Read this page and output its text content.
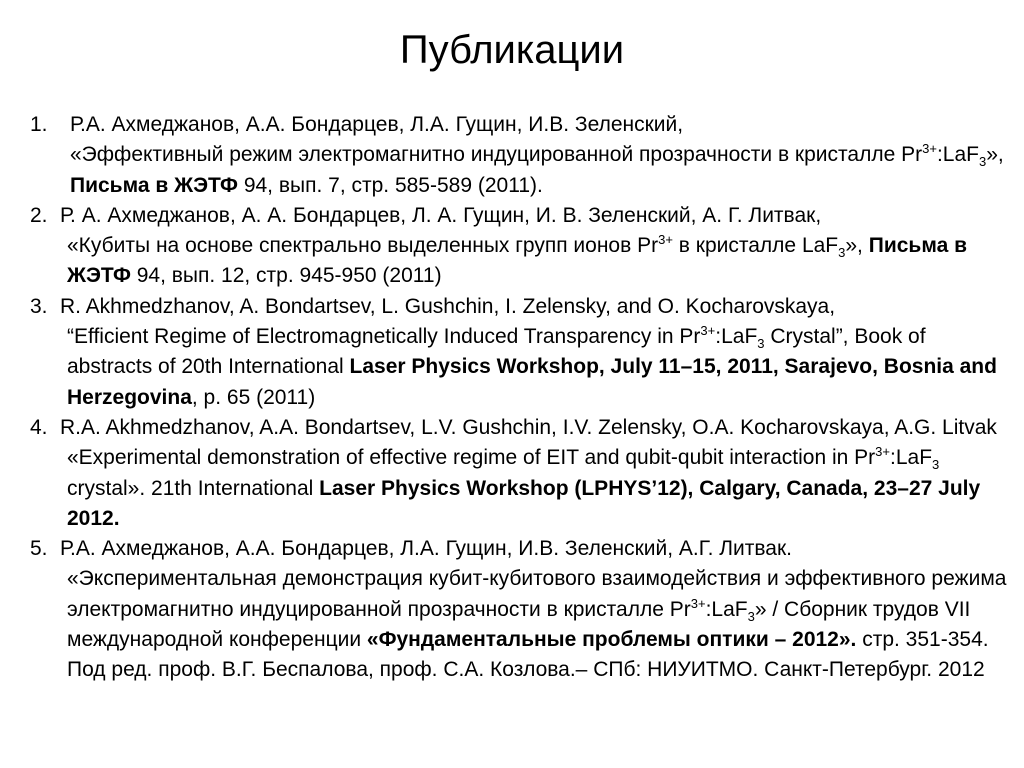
Публикации
1. Р.А. Ахмеджанов, А.А. Бондарцев, Л.А. Гущин, И.В. Зеленский,
«Эффективный режим электромагнитно индуцированной прозрачности в кристалле $Pr^{3+}:LaF_3$», Письма в ЖЭТФ 94, вып. 7, стр. 585-589 (2011).
2. Р. А. Ахмеджанов, А. А. Бондарцев, Л. А. Гущин, И. В. Зеленский, А. Г. Литвак,
«Кубиты на основе спектрально выделенных групп ионов $Pr^{3+}$ в кристалле LaF$_3$», Письма в ЖЭТФ 94, вып. 12, стр. 945-950 (2011)
3. R. Akhmedzhanov, A. Bondartsev, L. Gushchin, I. Zelensky, and O. Kocharovskaya,
“Efficient Regime of Electromagnetically Induced Transparency in $Pr^{3+}:LaF_3$ Crystal”, Book of abstracts of 20th International Laser Physics Workshop, July 11–15, 2011, Sarajevo, Bosnia and Herzegovina, p. 65 (2011)
4. R.A. Akhmedzhanov, A.A. Bondartsev, L.V. Gushchin, I.V. Zelensky, O.A. Kocharovskaya, A.G. Litvak «Experimental demonstration of effective regime of EIT and qubit-qubit interaction in $Pr^{3+}:LaF_3$ crystal». 21th International Laser Physics Workshop (LPHYS’12), Calgary, Canada, 23–27 July 2012.
5. Р.А. Ахмеджанов, А.А. Бондарцев, Л.А. Гущин, И.В. Зеленский, А.Г. Литвак.
«Экспериментальная демонстрация кубит-кубитового взаимодействия и эффективного режима электромагнитно индуцированной прозрачности в кристалле $Pr^{3+}:LaF_3$» / Сборник трудов VII международной конференции «Фундаментальные проблемы оптики – 2012». стр. 351-354. Под ред. проф. В.Г. Беспалова, проф. С.А. Козлова.– СПб: НИУИТМО. Санкт-Петербург. 2012
